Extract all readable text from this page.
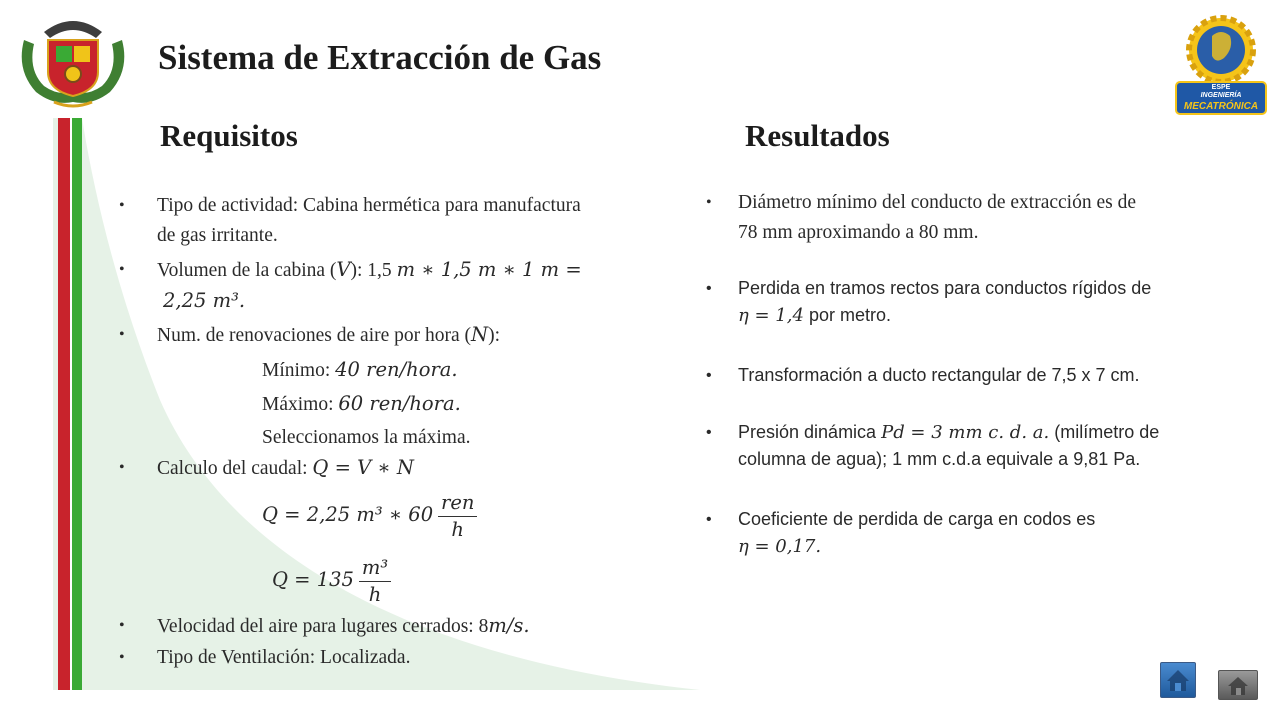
Sistema de Extracción de Gas
ESPE
INGENIERÍA
MECATRÓNICA
Requisitos	Resultados
• Tipo de actividad: Cabina hermética para manufactura
de gas irritante.
• Volumen de la cabina (V): 1,5 m ∗ 1,5 m ∗ 1 m =
2,25 m³.
• Num. de renovaciones de aire por hora (N):
Mínimo: 40 ren/hora.
Máximo: 60 ren/hora.
Seleccionamos la máxima.
• Calculo del caudal: Q = V ∗ N
Q = 2,25 m³ ∗ $60 \frac{\text{ren}}{h}$
$Q = 135 \frac{\text{m³}}{h}$
• Velocidad del aire para lugares cerrados: 8m/s.
• Tipo de Ventilación: Localizada.
• Diámetro mínimo del conducto de extracción es de
78 mm aproximando a 80 mm.
• Perdida en tramos rectos para conductos rígidos de
η = 1,4 por metro.
• Transformación a ducto rectangular de 7,5 x 7 cm.
• Presión dinámica Pd = 3 mm c. d. a. (milímetro de
columna de agua); 1 mm c.d.a equivale a 9,81 Pa.
• Coeficiente de perdida de carga en codos es
η = 0,17.
